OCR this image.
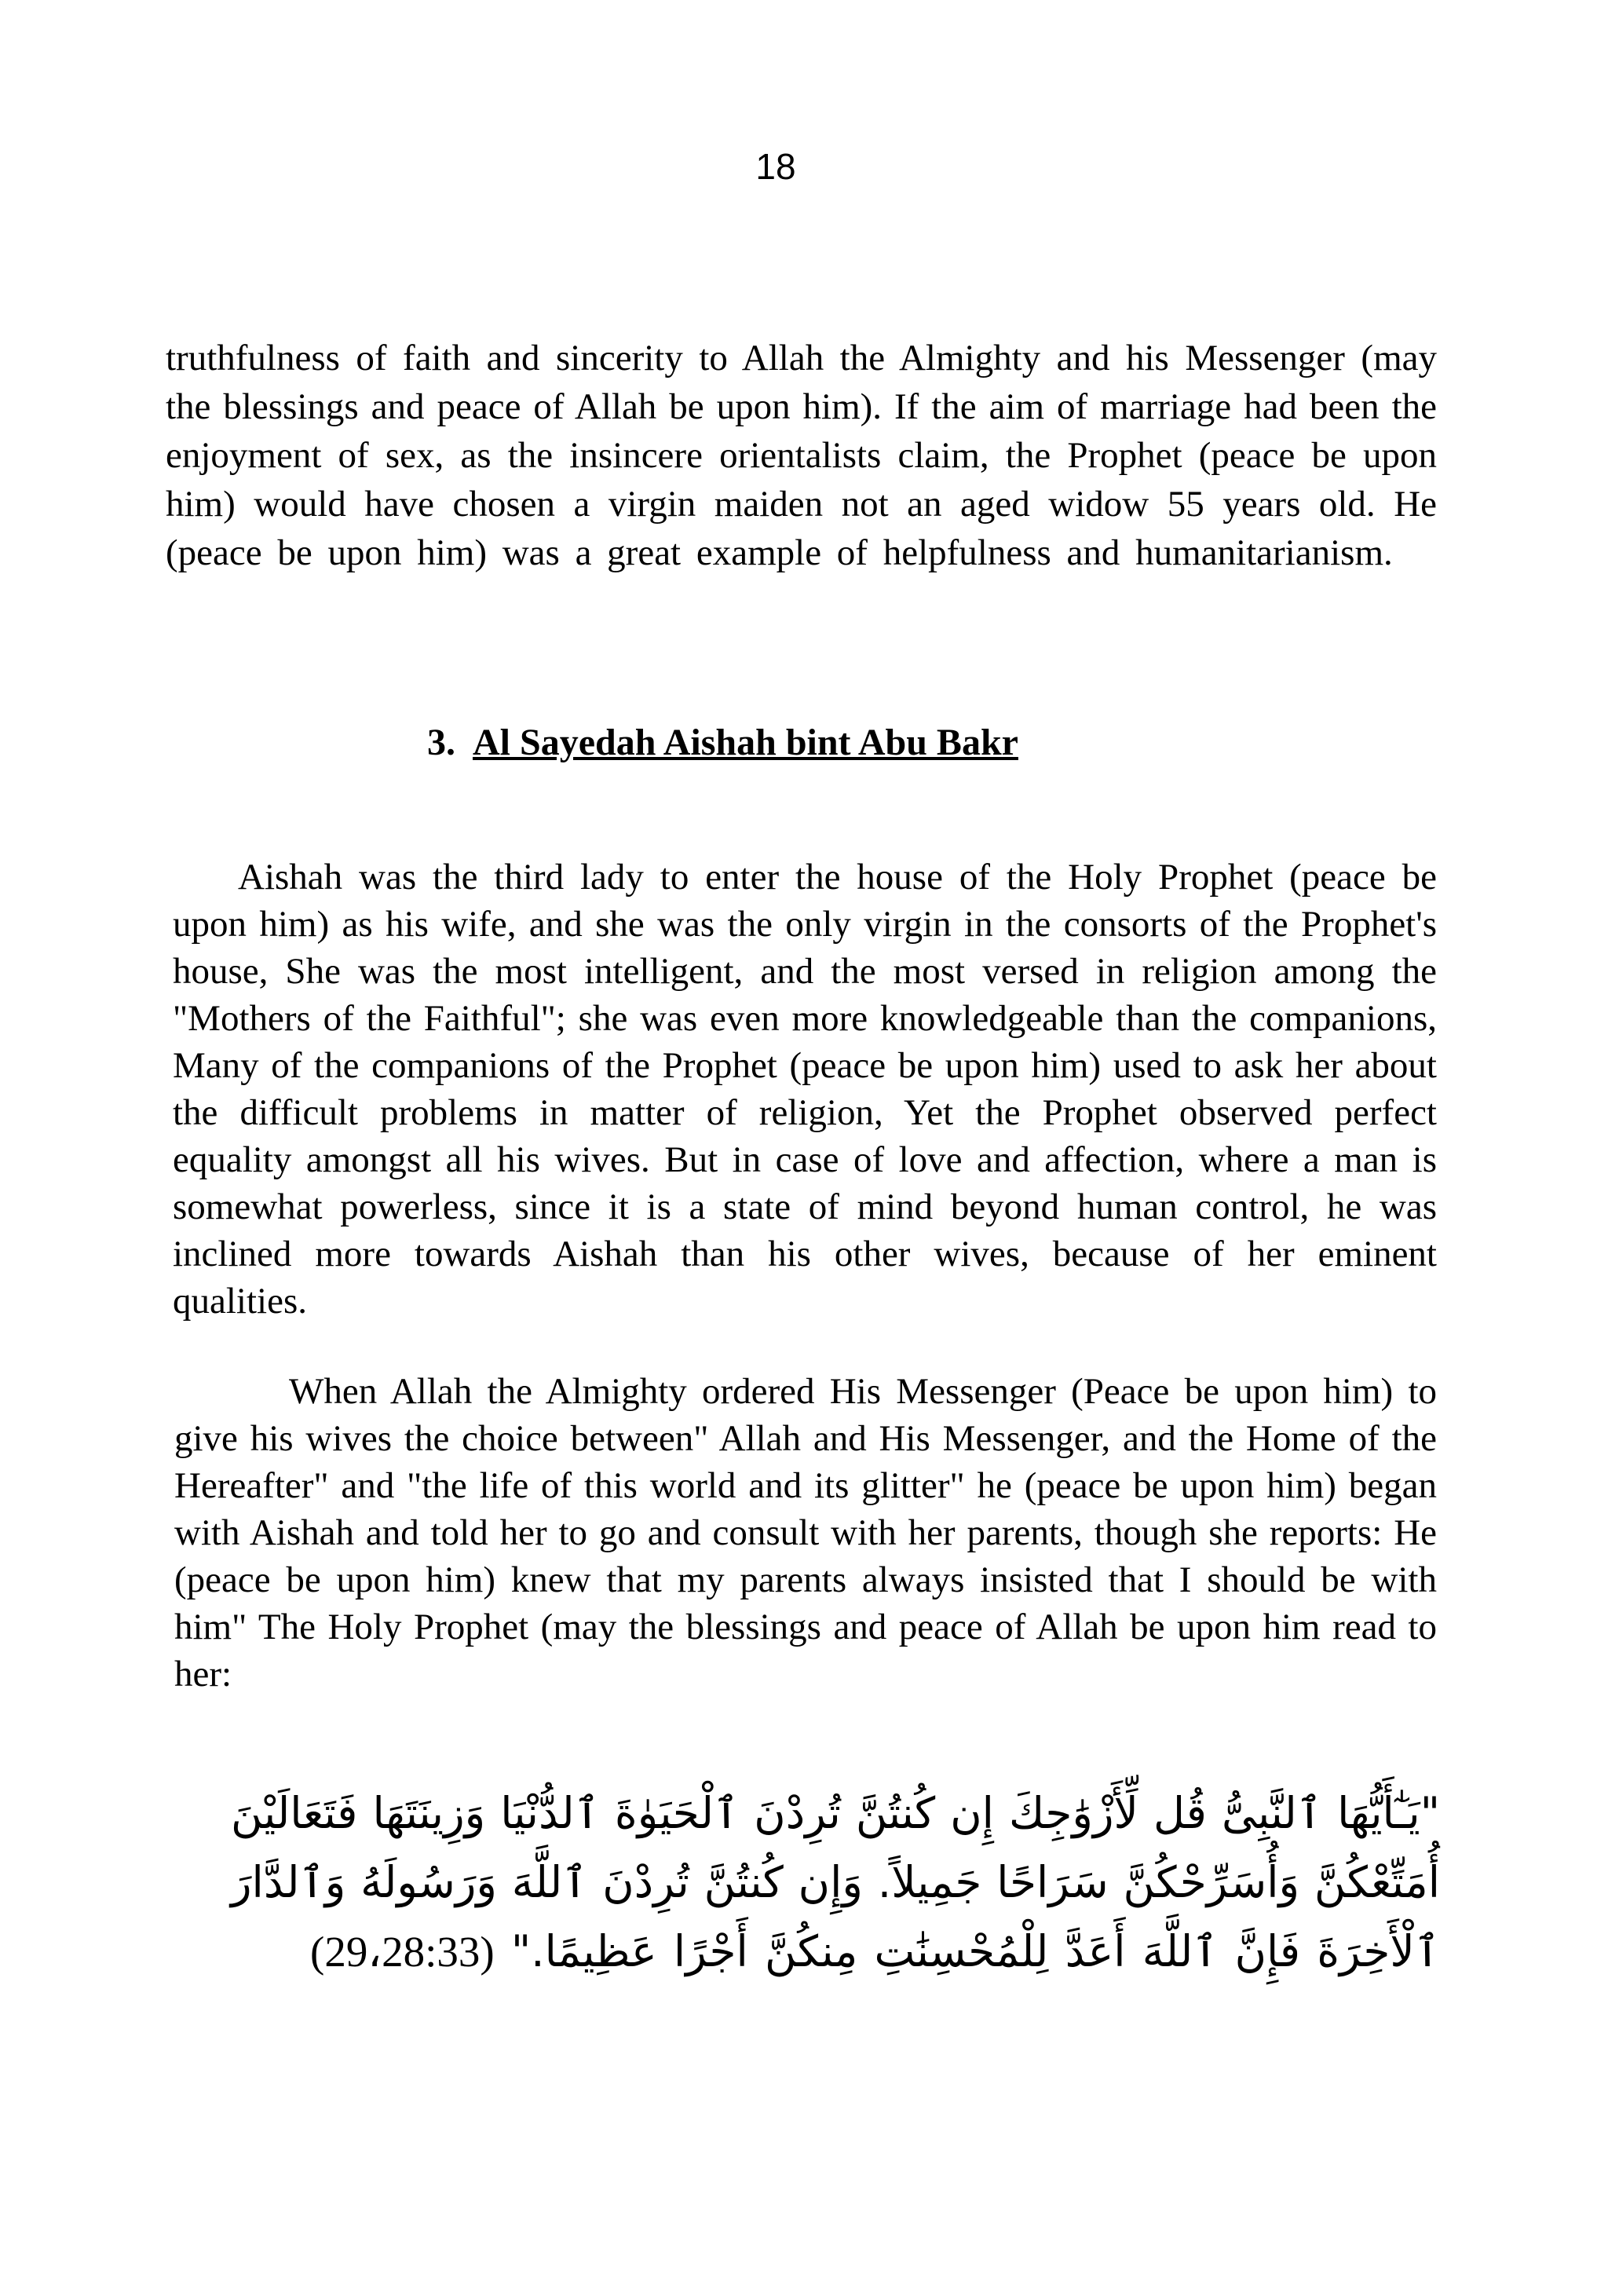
18
truthfulness of faith and sincerity to Allah the Almighty and his Messenger (may
the blessings and peace of Allah be upon him). If the aim of marriage had been the
enjoyment of sex, as the insincere orientalists claim, the Prophet (peace be upon
him) would have chosen a virgin maiden not an aged widow 55 years old. He
(peace be upon him) was a great example of helpfulness and humanitarianism.
3. Al Sayedah Aishah bint Abu Bakr
Aishah was the third lady to enter the house of the Holy Prophet (peace be
upon him) as his wife, and she was the only virgin in the consorts of the Prophet's
house, She was the most intelligent, and the most versed in religion among the
"Mothers of the Faithful"; she was even more knowledgeable than the companions,
Many of the companions of the Prophet (peace be upon him) used to ask her about
the difficult problems in matter of religion, Yet the Prophet observed perfect
equality amongst all his wives. But in case of love and affection, where a man is
somewhat powerless, since it is a state of mind beyond human control, he was
inclined more towards Aishah than his other wives, because of her eminent
qualities.
When Allah the Almighty ordered His Messenger (Peace be upon him) to
give his wives the choice between" Allah and His Messenger, and the Home of the
Hereafter" and "the life of this world and its glitter" he (peace be upon him) began
with Aishah and told her to go and consult with her parents, though she reports: He
(peace be upon him) knew that my parents always insisted that I should be with
him" The Holy Prophet (may the blessings and peace of Allah be upon him read to
her:
"يَـٰٓأَيُّهَا ٱلنَّبِىُّ قُل لِّأَزْوَٰجِكَ إِن كُنتُنَّ تُرِدْنَ ٱلْحَيَوٰةَ ٱلدُّنْيَا وَزِينَتَهَا فَتَعَالَيْنَ
أُمَتِّعْكُنَّ وَأُسَرِّحْكُنَّ سَرَاحًا جَمِيلاً. وَإِن كُنتُنَّ تُرِدْنَ ٱللَّهَ وَرَسُولَهُ وَٱلدَّارَ
ٱلْأَخِرَةَ فَإِنَّ ٱللَّهَ أَعَدَّ لِلْمُحْسِنَٰتِ مِنكُنَّ أَجْرًا عَظِيمًا." (29،28:33)
